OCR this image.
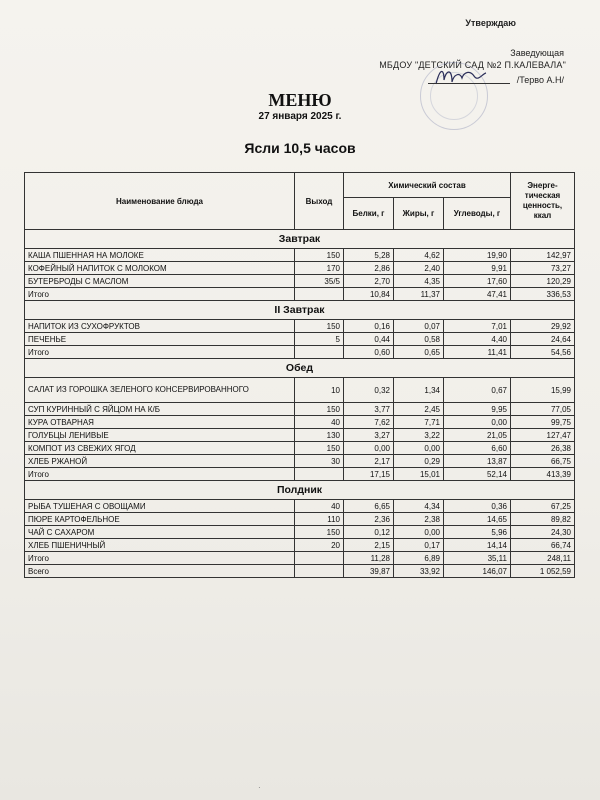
Утверждаю
Заведующая
МБДОУ "ДЕТСКИЙ САД №2 П.КАЛЕВАЛА"
/Терво А.Н/
МЕНЮ
27 января 2025 г.
Ясли 10,5 часов
Наименование блюда	Выход	Химический состав			Энерге-тическая ценность, ккал
		Белки, г	Жиры, г	Углеводы, г	
Завтрак					
КАША ПШЕННАЯ НА МОЛОКЕ	150	5,28	4,62	19,90	142,97
КОФЕЙНЫЙ НАПИТОК С МОЛОКОМ	170	2,86	2,40	9,91	73,27
БУТЕРБРОДЫ С МАСЛОМ	35/5	2,70	4,35	17,60	120,29
Итого		10,84	11,37	47,41	336,53
II Завтрак					
НАПИТОК ИЗ СУХОФРУКТОВ	150	0,16	0,07	7,01	29,92
ПЕЧЕНЬЕ	5	0,44	0,58	4,40	24,64
Итого		0,60	0,65	11,41	54,56
Обед					
САЛАТ ИЗ ГОРОШКА ЗЕЛЕНОГО КОНСЕРВИРОВАННОГО	10	0,32	1,34	0,67	15,99
СУП КУРИННЫЙ С ЯЙЦОМ НА К/Б	150	3,77	2,45	9,95	77,05
КУРА ОТВАРНАЯ	40	7,62	7,71	0,00	99,75
ГОЛУБЦЫ ЛЕНИВЫЕ	130	3,27	3,22	21,05	127,47
КОМПОТ ИЗ СВЕЖИХ ЯГОД	150	0,00	0,00	6,60	26,38
ХЛЕБ РЖАНОЙ	30	2,17	0,29	13,87	66,75
Итого		17,15	15,01	52,14	413,39
Полдник					
РЫБА ТУШЕНАЯ С ОВОЩАМИ	40	6,65	4,34	0,36	67,25
ПЮРЕ КАРТОФЕЛЬНОЕ	110	2,36	2,38	14,65	89,82
ЧАЙ С САХАРОМ	150	0,12	0,00	5,96	24,30
ХЛЕБ ПШЕНИЧНЫЙ	20	2,15	0,17	14,14	66,74
Итого		11,28	6,89	35,11	248,11
Всего		39,87	33,92	146,07	1 052,59
·
